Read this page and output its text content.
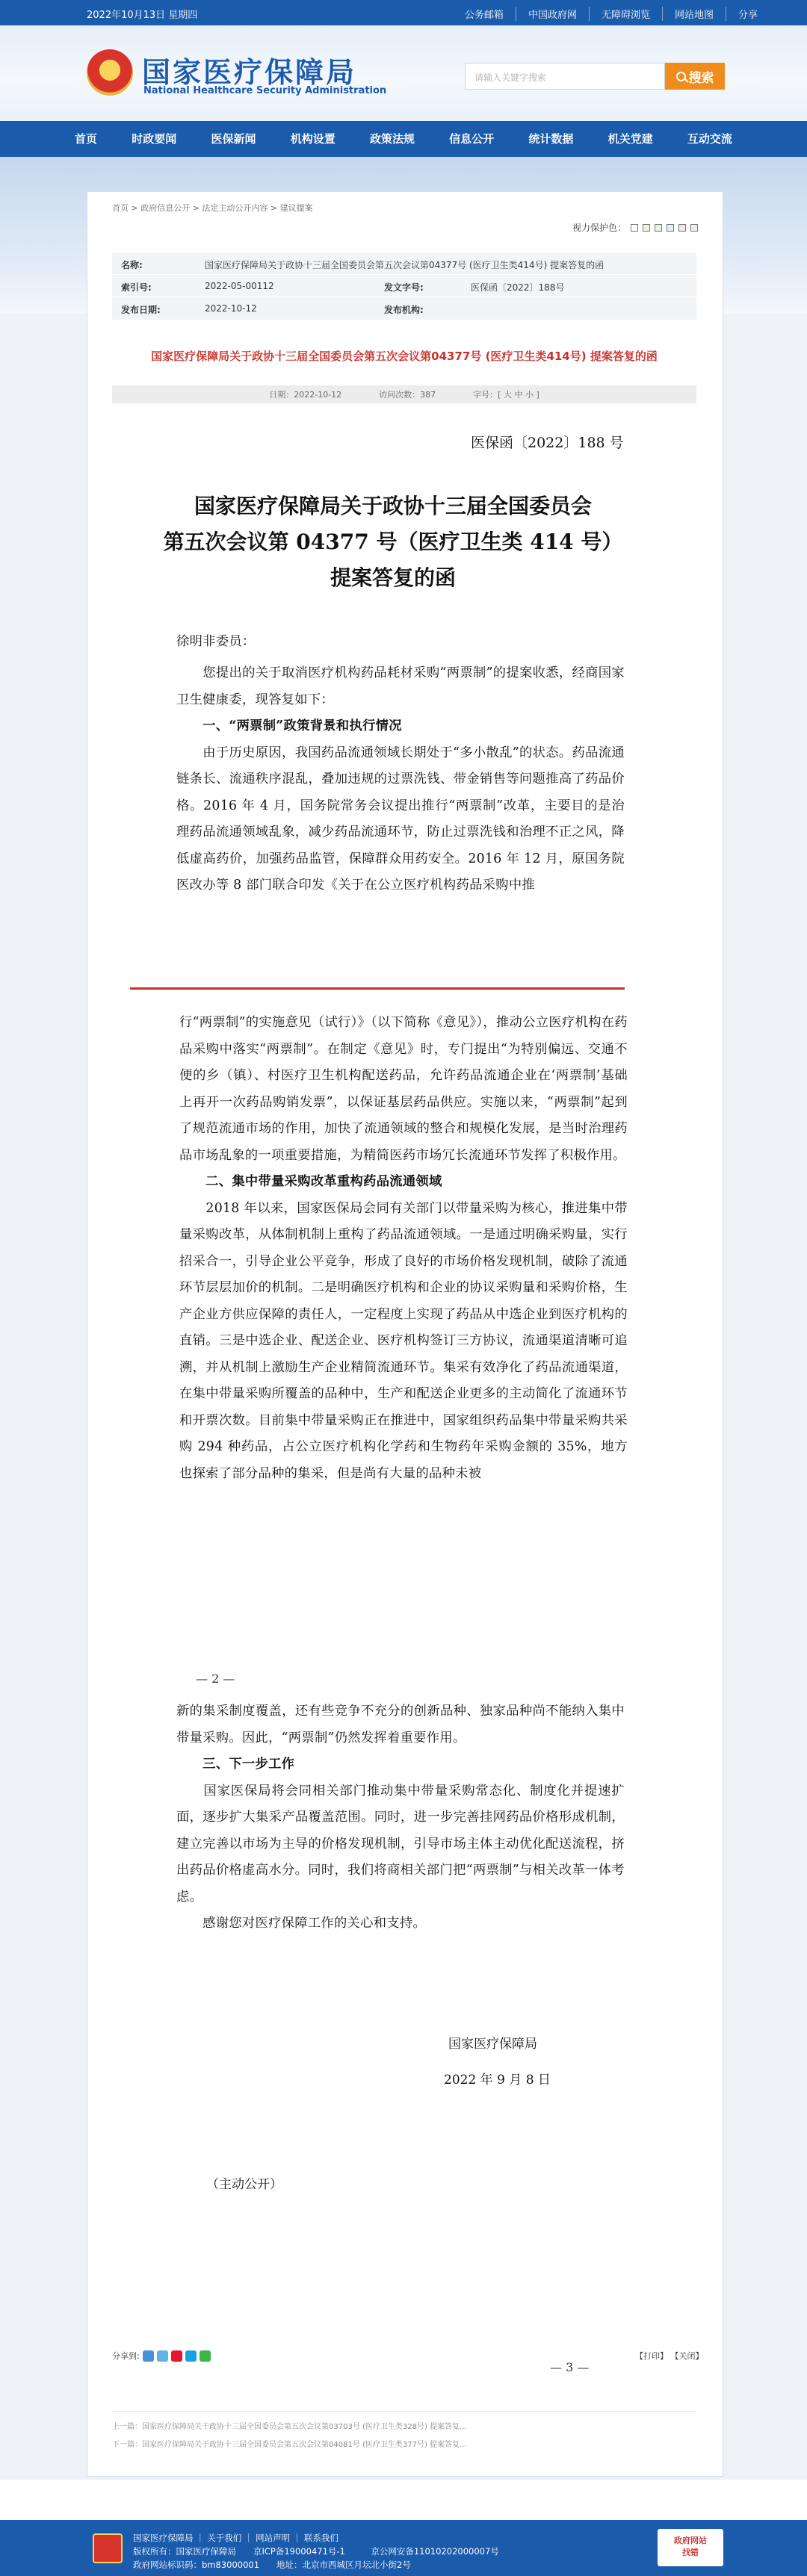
2022年10月13日 星期四	公务邮箱	中国政府网	无障碍浏览	网站地图	分享
国家医疗保障局
National Healthcare Security Administration
请输入关键字搜索	搜索
首页	时政要闻	医保新闻	机构设置	政策法规	信息公开	统计数据	机关党建	互动交流
首页 > 政府信息公开 > 法定主动公开内容 > 建议提案
视力保护色：
名称:	国家医疗保障局关于政协十三届全国委员会第五次会议第04377号 (医疗卫生类414号) 提案答复的函
索引号:	2022-05-00112	发文字号:	医保函〔2022〕188号
发布日期:	2022-10-12	发布机构:
国家医疗保障局关于政协十三届全国委员会第五次会议第04377号 (医疗卫生类414号) 提案答复的函
日期：2022-10-12	访问次数：387	字号：[ 大 中 小 ]
医保函〔2022〕188 号
国家医疗保障局关于政协十三届全国委员会
第五次会议第 04377 号（医疗卫生类 414 号）
提案答复的函
徐明非委员：

　　您提出的关于取消医疗机构药品耗材采购“两票制”的提案收悉，经商国家卫生健康委，现答复如下：

　　一、“两票制”政策背景和执行情况

　　由于历史原因，我国药品流通领域长期处于“多小散乱”的状态。药品流通链条长、流通秩序混乱，叠加违规的过票洗钱、带金销售等问题推高了药品价格。2016 年 4 月，国务院常务会议提出推行“两票制”改革，主要目的是治理药品流通领域乱象，减少药品流通环节，防止过票洗钱和治理不正之风，降低虚高药价，加强药品监管，保障群众用药安全。2016 年 12 月，原国务院医改办等 8 部门联合印发《关于在公立医疗机构药品采购中推

行“两票制”的实施意见（试行）》（以下简称《意见》），推动公立医疗机构在药品采购中落实“两票制”。在制定《意见》时，专门提出“为特别偏远、交通不便的乡（镇）、村医疗卫生机构配送药品，允许药品流通企业在‘两票制’基础上再开一次药品购销发票”，以保证基层药品供应。实施以来，“两票制”起到了规范流通市场的作用，加快了流通领域的整合和规模化发展，是当时治理药品市场乱象的一项重要措施，为精简医药市场冗长流通环节发挥了积极作用。

　　二、集中带量采购改革重构药品流通领域

　　2018 年以来，国家医保局会同有关部门以带量采购为核心，推进集中带量采购改革，从体制机制上重构了药品流通领域。一是通过明确采购量，实行招采合一，引导企业公平竞争，形成了良好的市场价格发现机制，破除了流通环节层层加价的机制。二是明确医疗机构和企业的协议采购量和采购价格，生产企业方供应保障的责任人，一定程度上实现了药品从中选企业到医疗机构的直销。三是中选企业、配送企业、医疗机构签订三方协议，流通渠道清晰可追溯，并从机制上激励生产企业精简流通环节。集采有效净化了药品流通渠道，在集中带量采购所覆盖的品种中，生产和配送企业更多的主动简化了流通环节和开票次数。目前集中带量采购正在推进中，国家组织药品集中带量采购共采购 294 种药品，占公立医疗机构化学药和生物药年采购金额的 35%，地方也探索了部分品种的集采，但是尚有大量的品种未被

— 2 —

新的集采制度覆盖，还有些竞争不充分的创新品种、独家品种尚不能纳入集中带量采购。因此，“两票制”仍然发挥着重要作用。

　　三、下一步工作

　　国家医保局将会同相关部门推动集中带量采购常态化、制度化并提速扩面，逐步扩大集采产品覆盖范围。同时，进一步完善挂网药品价格形成机制，建立完善以市场为主导的价格发现机制，引导市场主体主动优化配送流程，挤出药品价格虚高水分。同时，我们将商相关部门把“两票制”与相关改革一体考虑。

　　感谢您对医疗保障工作的关心和支持。

国家医疗保障局
2022 年 9 月 8 日
（主动公开）
— 3 —
分享到:	【打印】 【关闭】
上一篇：国家医疗保障局关于政协十三届全国委员会第五次会议第03703号 (医疗卫生类328号) 提案答复...
下一篇：国家医疗保障局关于政协十三届全国委员会第五次会议第04081号 (医疗卫生类377号) 提案答复...
国家医疗保障局 ｜ 关于我们 ｜ 网站声明 ｜ 联系我们
版权所有：国家医疗保障局　　京ICP备19000471号-1　　　京公网安备11010202000007号
政府网站标识码：bm83000001　　地址：北京市西城区月坛北小街2号
政府网站
找错
